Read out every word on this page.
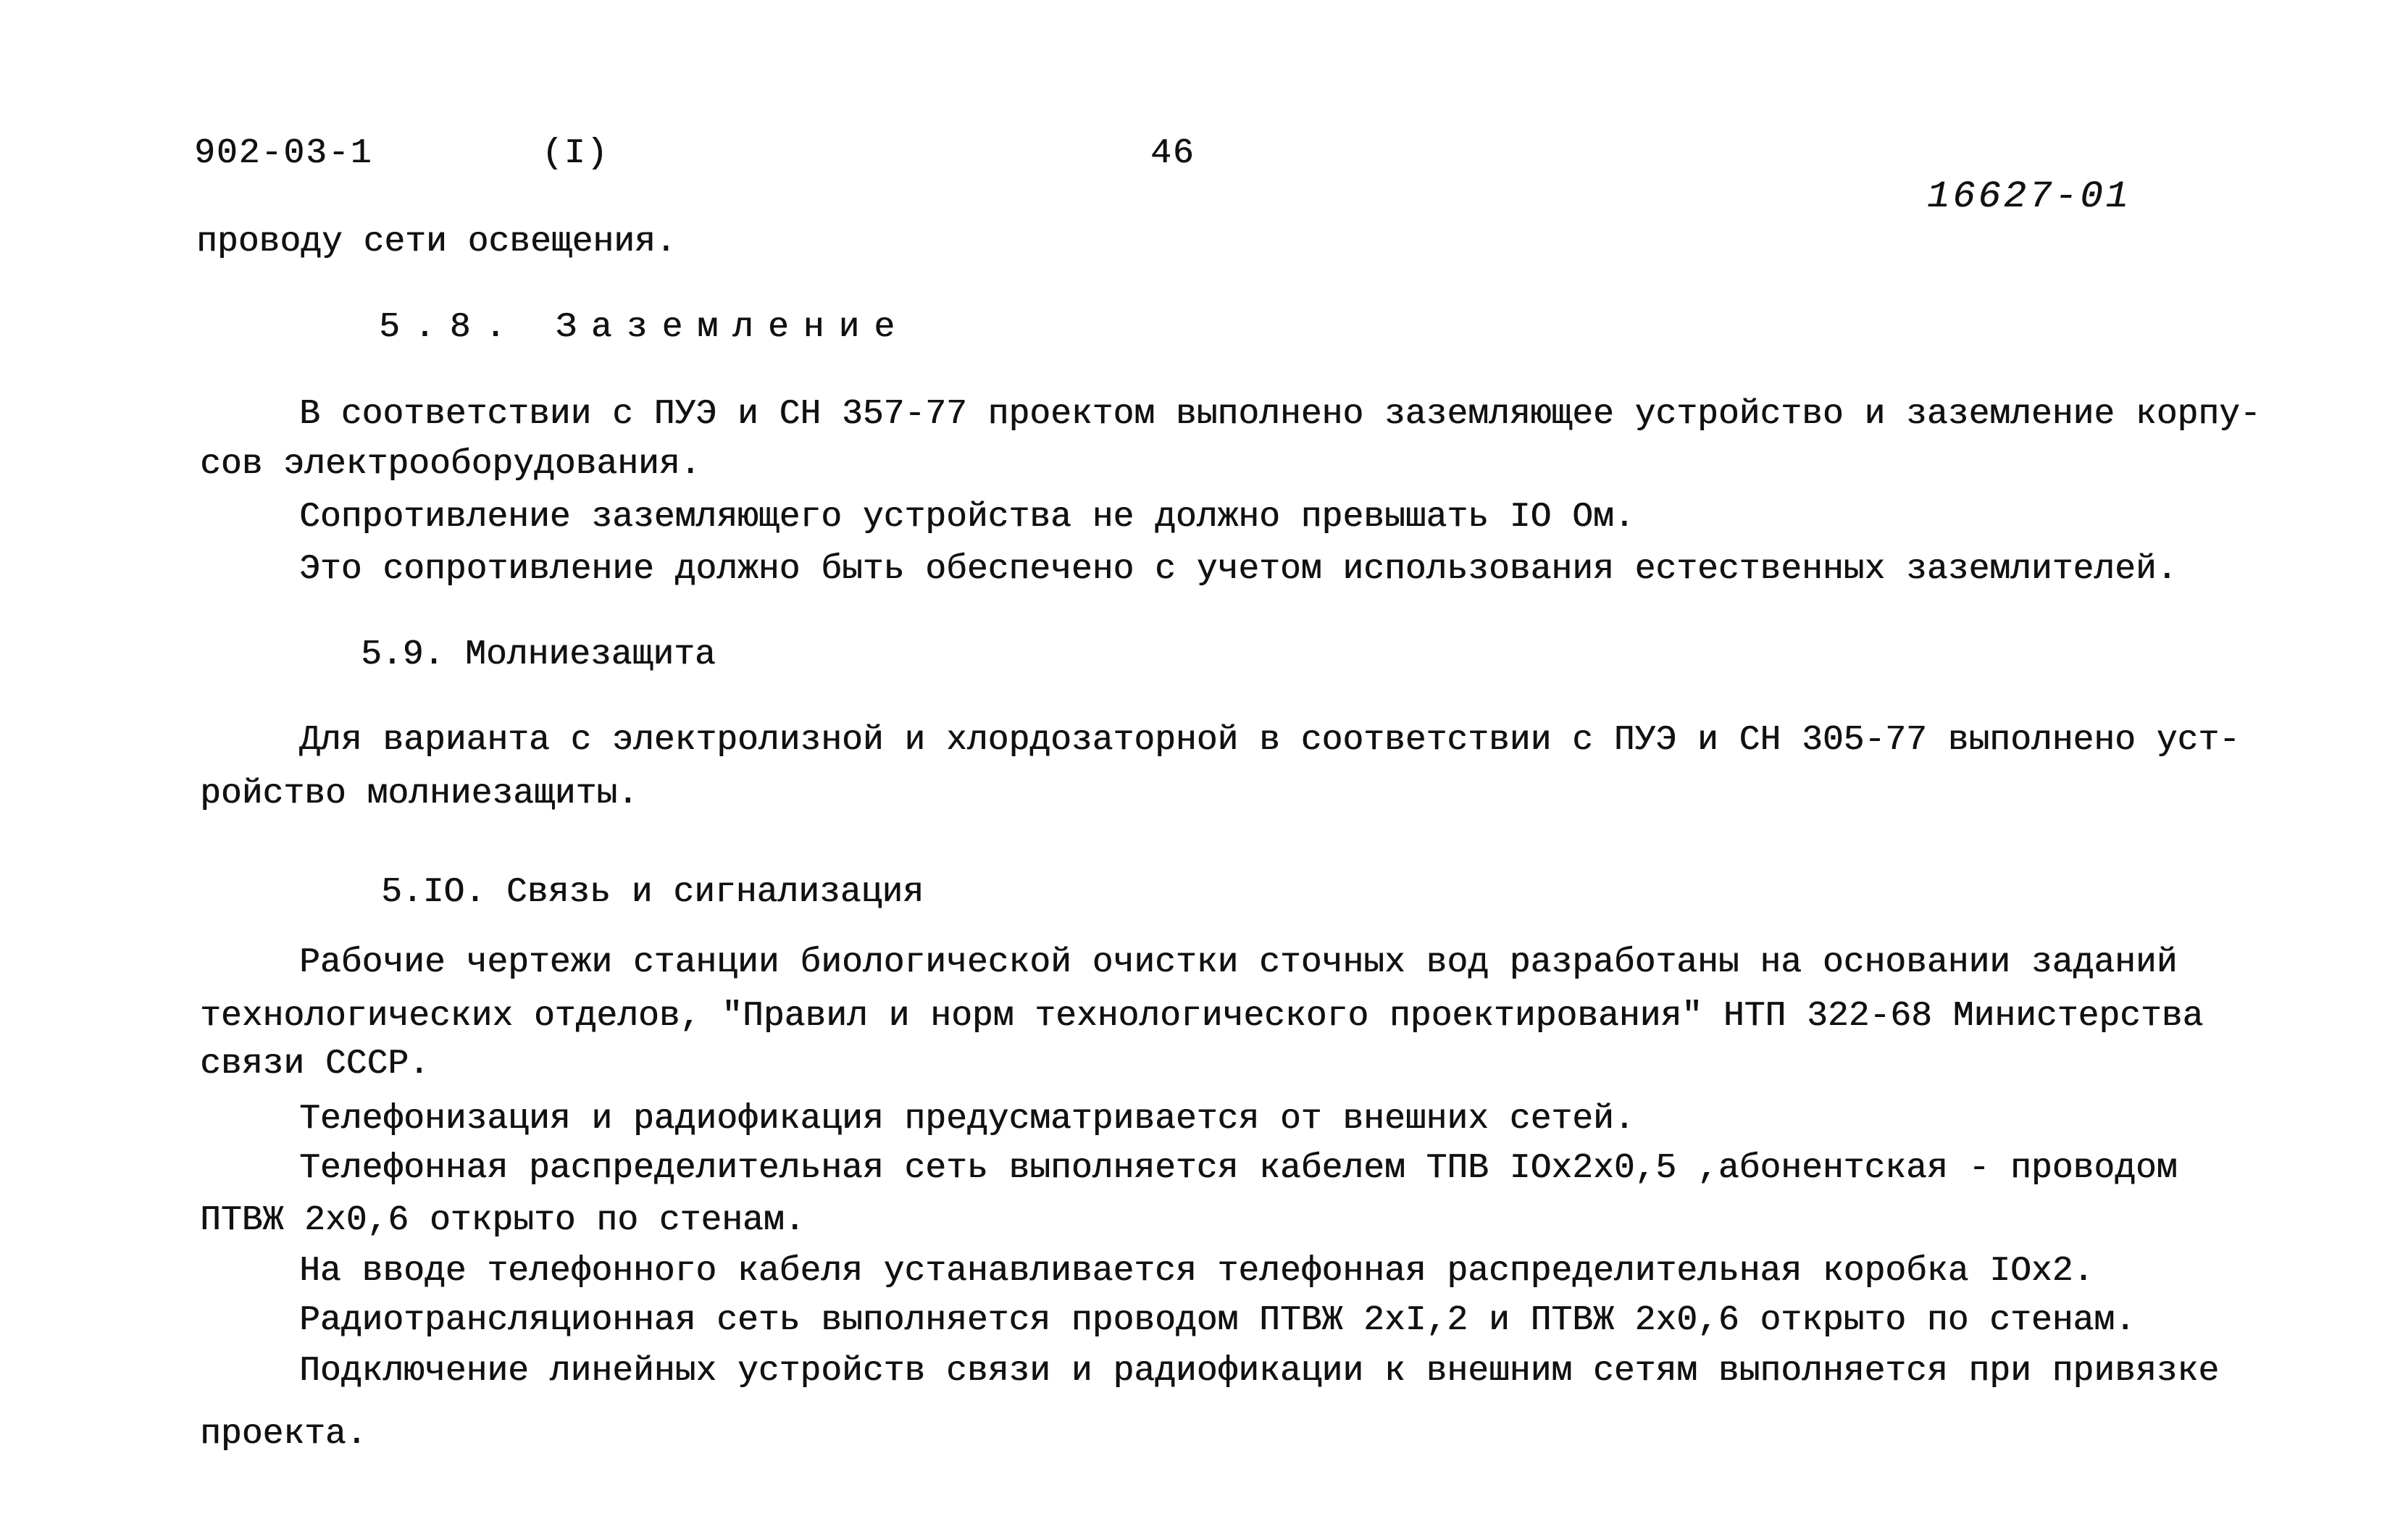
902-03-1	(I)	46
16627-01
проводу сети освещения.
5.8. Заземление
В соответствии с ПУЭ и СН 357-77 проектом выполнено заземляющее устройство и заземление корпу-
сов электрооборудования.
Сопротивление заземляющего устройства не должно превышать IO Ом.
Это сопротивление должно быть обеспечено с учетом использования естественных заземлителей.
5.9. Молниезащита
Для варианта с электролизной и хлордозаторной в соответствии с ПУЭ и СН 305-77 выполнено уст-
ройство молниезащиты.
5.IO. Связь и сигнализация
Рабочие чертежи станции биологической очистки сточных вод разработаны на основании заданий
технологических отделов, "Правил и норм технологического проектирования" НТП 322-68 Министерства
связи СССР.
Телефонизация и радиофикация предусматривается от внешних сетей.
Телефонная распределительная сеть выполняется кабелем ТПВ IOx2x0,5 ,абонентская - проводом
ПТВЖ 2x0,6 открыто по стенам.
На вводе телефонного кабеля устанавливается телефонная распределительная коробка IOx2.
Радиотрансляционная сеть выполняется проводом ПТВЖ 2xI,2 и ПТВЖ 2x0,6 открыто по стенам.
Подключение линейных устройств связи и радиофикации к внешним сетям выполняется при привязке
проекта.
